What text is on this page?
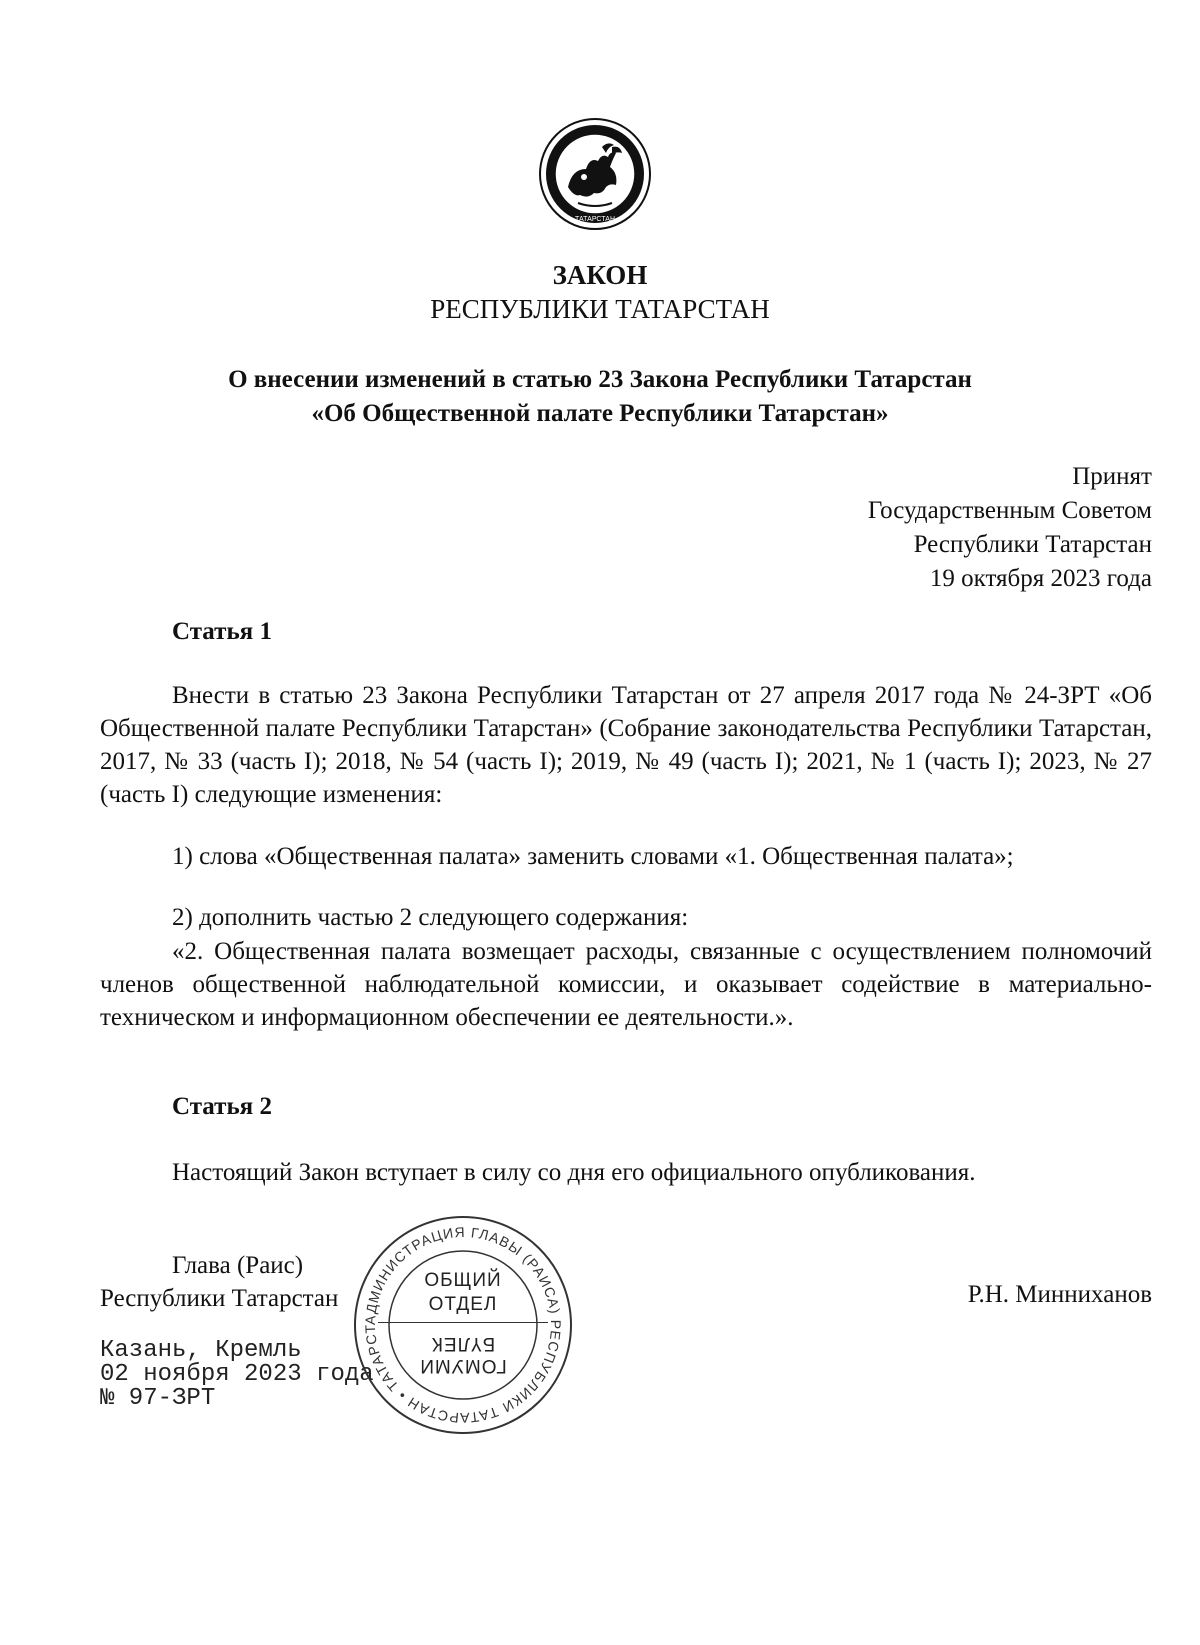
ТАТАРСТАН
ЗАКОН
РЕСПУБЛИКИ ТАТАРСТАН
О внесении изменений в статью 23 Закона Республики Татарстан
«Об Общественной палате Республики Татарстан»
Принят
Государственным Советом
Республики Татарстан
19 октября 2023 года
Статья 1

Внести в статью 23 Закона Республики Татарстан от 27 апреля 2017 года № 24-ЗРТ «Об Общественной палате Республики Татарстан» (Собрание законодательства Республики Татарстан, 2017, № 33 (часть I); 2018, № 54 (часть I); 2019, № 49 (часть I); 2021, № 1 (часть I); 2023, № 27 (часть I) следующие изменения:

1) слова «Общественная палата» заменить словами «1. Общественная палата»;

2) дополнить частью 2 следующего содержания:

«2. Общественная палата возмещает расходы, связанные с осуществлением полномочий членов общественной наблюдательной комиссии, и оказывает содействие в материально-техническом и информационном обеспечении ее деятельности.».

Статья 2

Настоящий Закон вступает в силу со дня его официального опубликования.

Глава (Раис)
Республики Татарстан	Р.Н. Минниханов
Казань, Кремль
02 ноября 2023 года
№ 97-ЗРТ
АДМИНИСТРАЦИЯ ГЛАВЫ (РАИСА) РЕСПУБЛИКИ ТАТАРСТАН • ТАТАРСТ
ОБЩИЙ
ОТДЕЛ
БҮЛЕК
ГОМУМИ
